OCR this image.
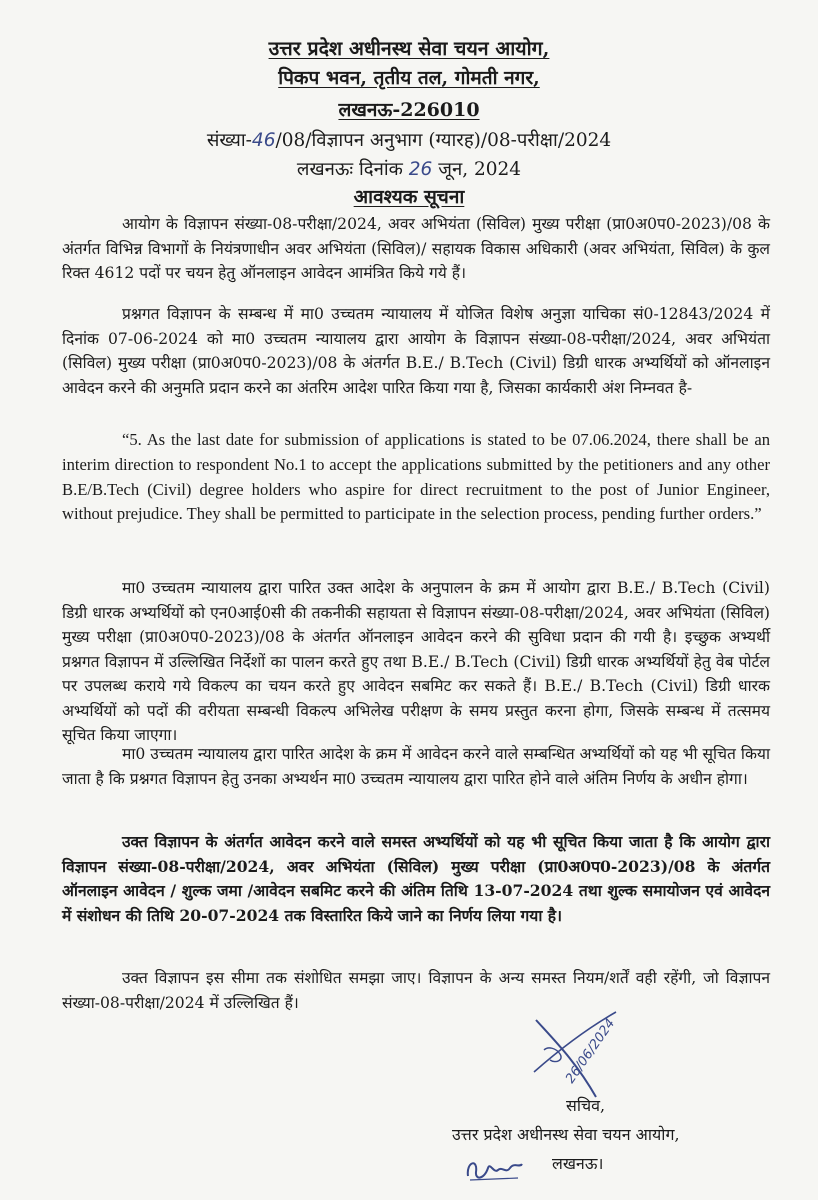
उत्तर प्रदेश अधीनस्थ सेवा चयन आयोग,
पिकप भवन, तृतीय तल, गोमती नगर,
लखनऊ-226010
संख्या-46/08/विज्ञापन अनुभाग (ग्यारह)/08-परीक्षा/2024
लखनऊः दिनांक 26 जून, 2024
आवश्यक सूचना

आयोग के विज्ञापन संख्या-08-परीक्षा/2024, अवर अभियंता (सिविल) मुख्य परीक्षा (प्रा0अ0प0-2023)/08 के अंतर्गत विभिन्न विभागों के नियंत्रणाधीन अवर अभियंता (सिविल)/ सहायक विकास अधिकारी (अवर अभियंता, सिविल) के कुल रिक्त 4612 पदों पर चयन हेतु ऑनलाइन आवेदन आमंत्रित किये गये हैं।

प्रश्नगत विज्ञापन के सम्बन्ध में मा0 उच्चतम न्यायालय में योजित विशेष अनुज्ञा याचिका सं0-12843/2024 में दिनांक 07-06-2024 को मा0 उच्चतम न्यायालय द्वारा आयोग के विज्ञापन संख्या-08-परीक्षा/2024, अवर अभियंता (सिविल) मुख्य परीक्षा (प्रा0अ0प0-2023)/08 के अंतर्गत B.E./ B.Tech (Civil) डिग्री धारक अभ्यर्थियों को ऑनलाइन आवेदन करने की अनुमति प्रदान करने का अंतरिम आदेश पारित किया गया है, जिसका कार्यकारी अंश निम्नवत है-

“5. As the last date for submission of applications is stated to be 07.06.2024, there shall be an interim direction to respondent No.1 to accept the applications submitted by the petitioners and any other B.E/B.Tech (Civil) degree holders who aspire for direct recruitment to the post of Junior Engineer, without prejudice. They shall be permitted to participate in the selection process, pending further orders.”

मा0 उच्चतम न्यायालय द्वारा पारित उक्त आदेश के अनुपालन के क्रम में आयोग द्वारा B.E./ B.Tech (Civil) डिग्री धारक अभ्यर्थियों को एन0आई0सी की तकनीकी सहायता से विज्ञापन संख्या-08-परीक्षा/2024, अवर अभियंता (सिविल) मुख्य परीक्षा (प्रा0अ0प0-2023)/08 के अंतर्गत ऑनलाइन आवेदन करने की सुविधा प्रदान की गयी है। इच्छुक अभ्यर्थी प्रश्नगत विज्ञापन में उल्लिखित निर्देशों का पालन करते हुए तथा B.E./ B.Tech (Civil) डिग्री धारक अभ्यर्थियों हेतु वेब पोर्टल पर उपलब्ध कराये गये विकल्प का चयन करते हुए आवेदन सबमिट कर सकते हैं। B.E./ B.Tech (Civil) डिग्री धारक अभ्यर्थियों को पदों की वरीयता सम्बन्धी विकल्प अभिलेख परीक्षण के समय प्रस्तुत करना होगा, जिसके सम्बन्ध में तत्समय सूचित किया जाएगा।

मा0 उच्चतम न्यायालय द्वारा पारित आदेश के क्रम में आवेदन करने वाले सम्बन्धित अभ्यर्थियों को यह भी सूचित किया जाता है कि प्रश्नगत विज्ञापन हेतु उनका अभ्यर्थन मा0 उच्चतम न्यायालय द्वारा पारित होने वाले अंतिम निर्णय के अधीन होगा।

उक्त विज्ञापन के अंतर्गत आवेदन करने वाले समस्त अभ्यर्थियों को यह भी सूचित किया जाता है कि आयोग द्वारा विज्ञापन संख्या-08-परीक्षा/2024, अवर अभियंता (सिविल) मुख्य परीक्षा (प्रा0अ0प0-2023)/08 के अंतर्गत ऑनलाइन आवेदन / शुल्क जमा /आवेदन सबमिट करने की अंतिम तिथि 13-07-2024 तथा शुल्क समायोजन एवं आवेदन में संशोधन की तिथि 20-07-2024 तक विस्तारित किये जाने का निर्णय लिया गया है।

उक्त विज्ञापन इस सीमा तक संशोधित समझा जाए। विज्ञापन के अन्य समस्त नियम/शर्तें वही रहेंगी, जो विज्ञापन संख्या-08-परीक्षा/2024 में उल्लिखित हैं।

26/06/2024
सचिव,
उत्तर प्रदेश अधीनस्थ सेवा चयन आयोग,
लखनऊ।
